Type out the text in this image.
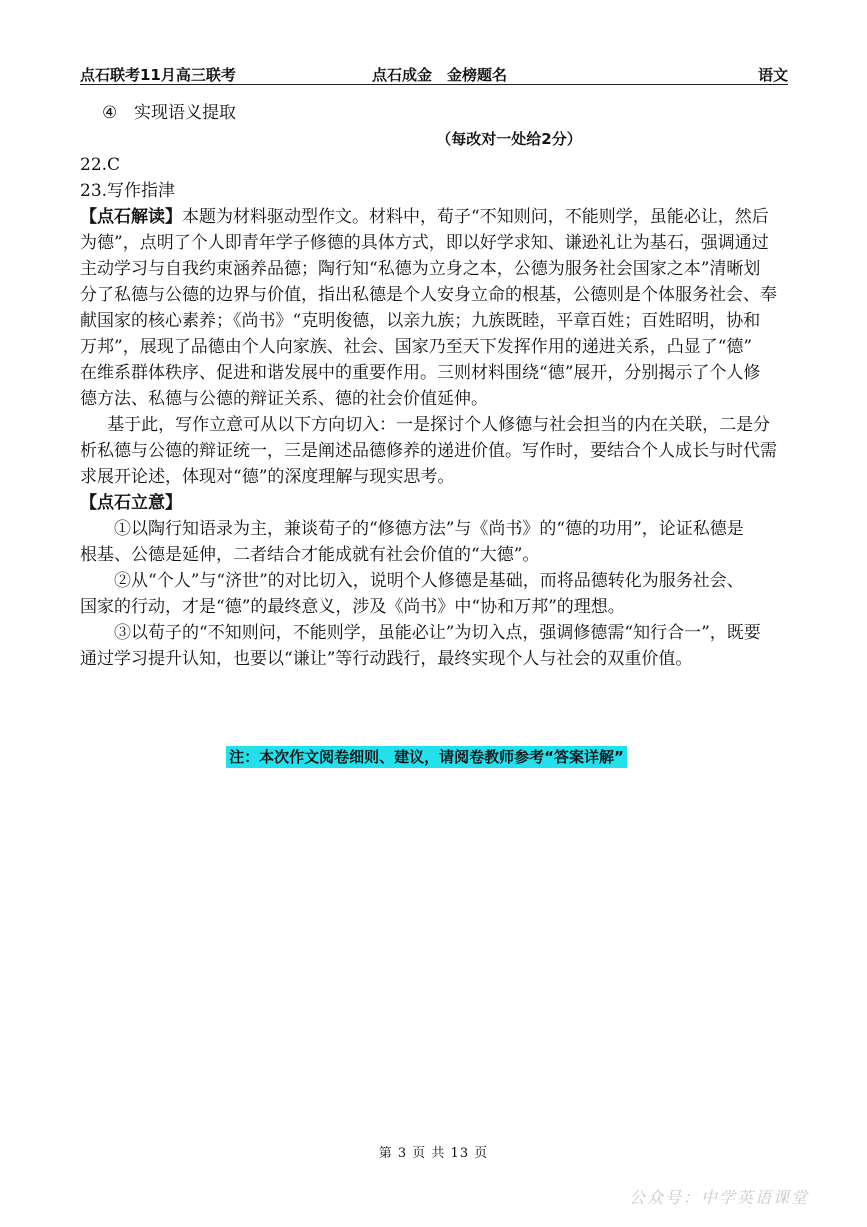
点石联考11月高三联考	点石成金　金榜题名	语文
④ 实现语义提取
（每改对一处给2分）
22.C
23.写作指津
【点石解读】本题为材料驱动型作文。材料中，荀子“不知则问，不能则学，虽能必让，然后
为德”，点明了个人即青年学子修德的具体方式，即以好学求知、谦逊礼让为基石，强调通过
主动学习与自我约束涵养品德；陶行知“私德为立身之本，公德为服务社会国家之本”清晰划
分了私德与公德的边界与价值，指出私德是个人安身立命的根基，公德则是个体服务社会、奉
献国家的核心素养；《尚书》“克明俊德，以亲九族；九族既睦，平章百姓；百姓昭明，协和
万邦”，展现了品德由个人向家族、社会、国家乃至天下发挥作用的递进关系，凸显了“德”
在维系群体秩序、促进和谐发展中的重要作用。三则材料围绕“德”展开，分别揭示了个人修
德方法、私德与公德的辩证关系、德的社会价值延伸。
基于此，写作立意可从以下方向切入：一是探讨个人修德与社会担当的内在关联，二是分
析私德与公德的辩证统一，三是阐述品德修养的递进价值。写作时，要结合个人成长与时代需
求展开论述，体现对“德”的深度理解与现实思考。
【点石立意】
①以陶行知语录为主，兼谈荀子的“修德方法”与《尚书》的“德的功用”，论证私德是
根基、公德是延伸，二者结合才能成就有社会价值的“大德”。
②从“个人”与“济世”的对比切入，说明个人修德是基础，而将品德转化为服务社会、
国家的行动，才是“德”的最终意义，涉及《尚书》中“协和万邦”的理想。
③以荀子的“不知则问，不能则学，虽能必让”为切入点，强调修德需“知行合一”，既要
通过学习提升认知，也要以“谦让”等行动践行，最终实现个人与社会的双重价值。
注：本次作文阅卷细则、建议，请阅卷教师参考“答案详解”
第 3 页 共 13 页
公众号：中学英语课堂
